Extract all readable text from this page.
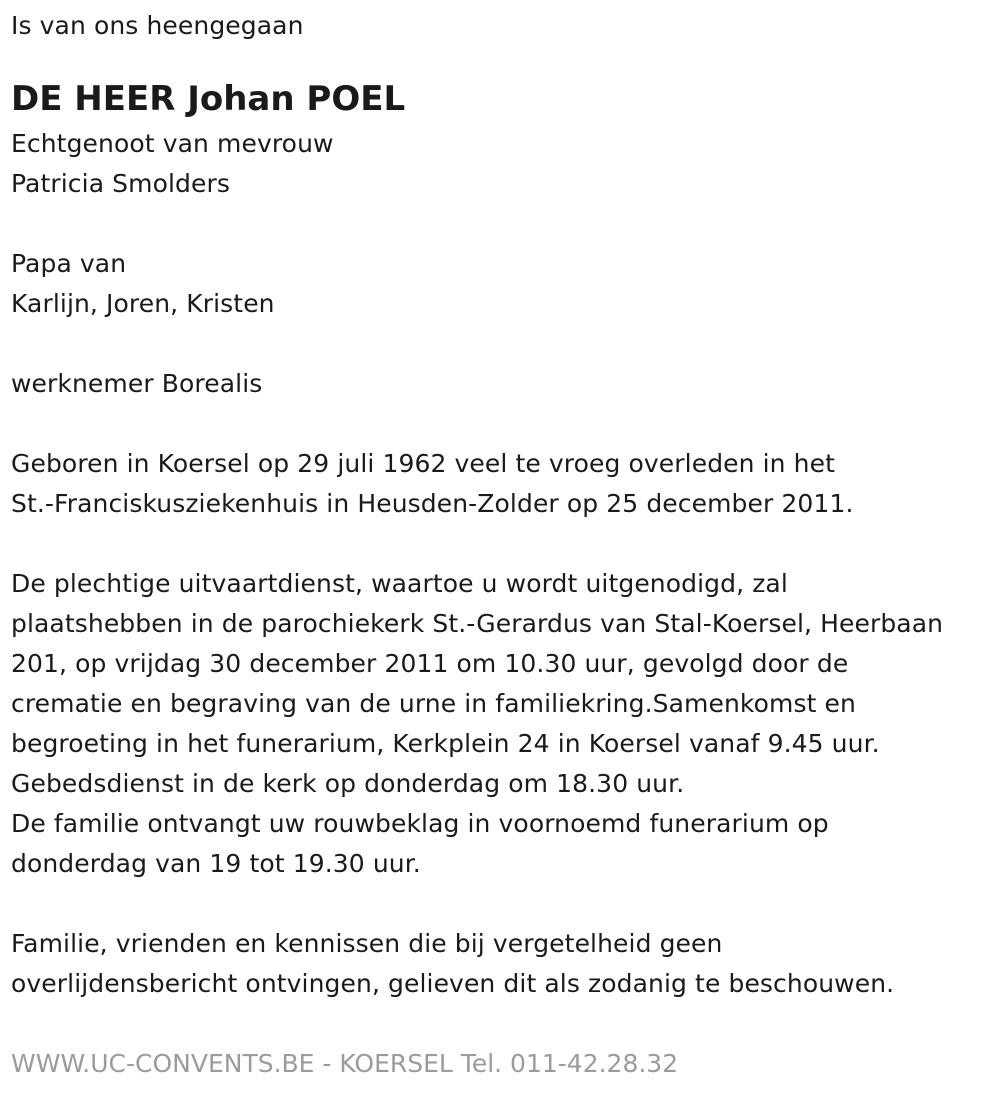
Is van ons heengegaan
DE HEER Johan POEL
Echtgenoot van mevrouw
Patricia Smolders
Papa van
Karlijn, Joren, Kristen
werknemer Borealis
Geboren in Koersel op 29 juli 1962 veel te vroeg overleden in het
St.-Franciskusziekenhuis in Heusden-Zolder op 25 december 2011.
De plechtige uitvaartdienst, waartoe u wordt uitgenodigd, zal
plaatshebben in de parochiekerk St.-Gerardus van Stal-Koersel, Heerbaan
201, op vrijdag 30 december 2011 om 10.30 uur, gevolgd door de
crematie en begraving van de urne in familiekring.Samenkomst en
begroeting in het funerarium, Kerkplein 24 in Koersel vanaf 9.45 uur.
Gebedsdienst in de kerk op donderdag om 18.30 uur.
De familie ontvangt uw rouwbeklag in voornoemd funerarium op
donderdag van 19 tot 19.30 uur.
Familie, vrienden en kennissen die bij vergetelheid geen
overlijdensbericht ontvingen, gelieven dit als zodanig te beschouwen.
WWW.UC-CONVENTS.BE - KOERSEL Tel. 011-42.28.32
